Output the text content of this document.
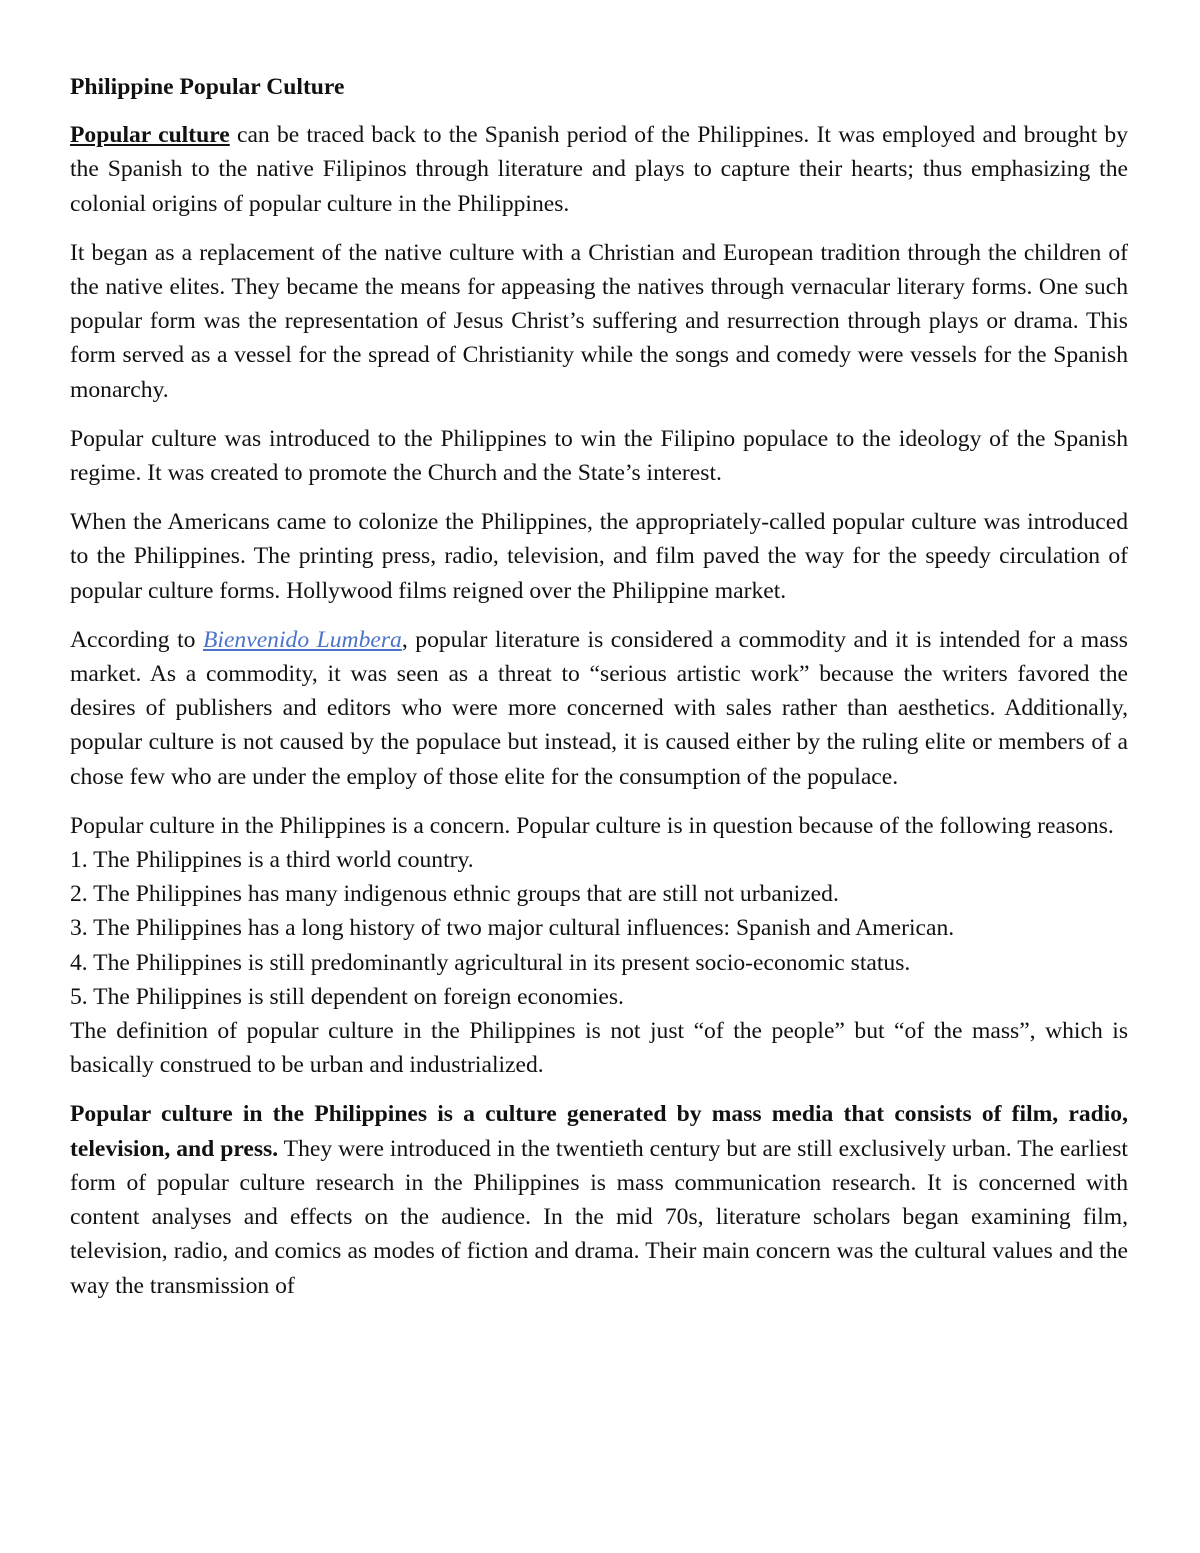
Philippine Popular Culture

Popular culture can be traced back to the Spanish period of the Philippines. It was employed and brought by the Spanish to the native Filipinos through literature and plays to capture their hearts; thus emphasizing the colonial origins of popular culture in the Philippines.

It began as a replacement of the native culture with a Christian and European tradition through the children of the native elites. They became the means for appeasing the natives through vernacular literary forms. One such popular form was the representation of Jesus Christ’s suffering and resurrection through plays or drama. This form served as a vessel for the spread of Christianity while the songs and comedy were vessels for the Spanish monarchy.

Popular culture was introduced to the Philippines to win the Filipino populace to the ideology of the Spanish regime. It was created to promote the Church and the State’s interest.

When the Americans came to colonize the Philippines, the appropriately-called popular culture was introduced to the Philippines. The printing press, radio, television, and film paved the way for the speedy circulation of popular culture forms. Hollywood films reigned over the Philippine market.

According to Bienvenido Lumbera, popular literature is considered a commodity and it is intended for a mass market. As a commodity, it was seen as a threat to “serious artistic work” because the writers favored the desires of publishers and editors who were more concerned with sales rather than aesthetics. Additionally, popular culture is not caused by the populace but instead, it is caused either by the ruling elite or members of a chose few who are under the employ of those elite for the consumption of the populace.

Popular culture in the Philippines is a concern. Popular culture is in question because of the following reasons.

1. The Philippines is a third world country.
2. The Philippines has many indigenous ethnic groups that are still not urbanized.
3. The Philippines has a long history of two major cultural influences: Spanish and American.
4. The Philippines is still predominantly agricultural in its present socio-economic status.
5. The Philippines is still dependent on foreign economies.

The definition of popular culture in the Philippines is not just “of the people” but “of the mass”, which is basically construed to be urban and industrialized.

Popular culture in the Philippines is a culture generated by mass media that consists of film, radio, television, and press. They were introduced in the twentieth century but are still exclusively urban. The earliest form of popular culture research in the Philippines is mass communication research. It is concerned with content analyses and effects on the audience. In the mid 70s, literature scholars began examining film, television, radio, and comics as modes of fiction and drama. Their main concern was the cultural values and the way the transmission of
